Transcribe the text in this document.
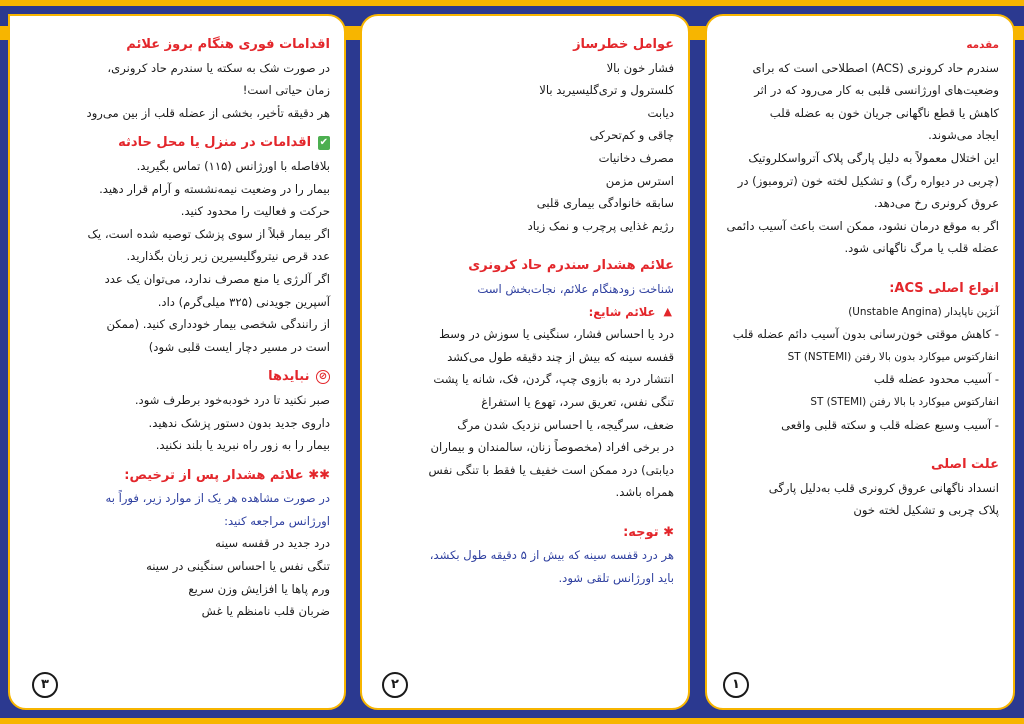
مقدمه
سندرم حاد کرونری (ACS) اصطلاحی است که برای
وضعیت‌های اورژانسی قلبی به کار می‌رود که در اثر
کاهش یا قطع ناگهانی جریان خون به عضله قلب
ایجاد می‌شوند.
این اختلال معمولاً به دلیل پارگی پلاک آترواسکلروتیک
(چربی در دیواره رگ) و تشکیل لخته خون (ترومبوز) در
عروق کرونری رخ می‌دهد.
اگر به موقع درمان نشود، ممکن است باعث آسیب دائمی
عضله قلب یا مرگ ناگهانی شود.
انواع اصلی ACS:
آنژین ناپایدار (Unstable Angina)
- کاهش موقتی خون‌رسانی بدون آسیب دائم عضله قلب
انفارکتوس میوکارد بدون بالا رفتن ST (NSTEMI)
- آسیب محدود عضله قلب
انفارکتوس میوکارد با بالا رفتن ST (STEMI)
- آسیب وسیع عضله قلب و سکته قلبی واقعی
علت اصلی
انسداد ناگهانی عروق کرونری قلب به‌دلیل پارگی
پلاک چربی و تشکیل لخته خون
۱
عوامل خطرساز
فشار خون بالا
کلسترول و تری‌گلیسیرید بالا
دیابت
چاقی و کم‌تحرکی
مصرف دخانیات
استرس مزمن
سابقه خانوادگی بیماری قلبی
رژیم غذایی پرچرب و نمک زیاد
علائم هشدار سندرم حاد کرونری
شناخت زودهنگام علائم، نجات‌بخش است
▲ علائم شایع:
درد یا احساس فشار، سنگینی یا سوزش در وسط
قفسه سینه که بیش از چند دقیقه طول می‌کشد
انتشار درد به بازوی چپ، گردن، فک، شانه یا پشت
تنگی نفس، تعریق سرد، تهوع یا استفراغ
ضعف، سرگیجه، یا احساس نزدیک شدن مرگ
در برخی افراد (مخصوصاً زنان، سالمندان و بیماران
دیابتی) درد ممکن است خفیف یا فقط با تنگی نفس
همراه باشد.
✱ توجه:
هر درد قفسه سینه که بیش از ۵ دقیقه طول بکشد،
باید اورژانس تلقی شود.
۲
اقدامات فوری هنگام بروز علائم
در صورت شک به سکته یا سندرم حاد کرونری،
زمان حیاتی است!
هر دقیقه تأخیر، بخشی از عضله قلب از بین می‌رود
✔ اقدامات در منزل یا محل حادثه
بلافاصله با اورژانس (۱۱۵) تماس بگیرید.
بیمار را در وضعیت نیمه‌نشسته و آرام قرار دهید.
حرکت و فعالیت را محدود کنید.
اگر بیمار قبلاً از سوی پزشک توصیه شده است، یک
عدد قرص نیتروگلیسیرین زیر زبان بگذارید.
اگر آلرژی یا منع مصرف ندارد، می‌توان یک عدد
آسپرین جویدنی (۳۲۵ میلی‌گرم) داد.
از رانندگی شخصی بیمار خودداری کنید. (ممکن
است در مسیر دچار ایست قلبی شود)
⊘ نبایدها
صبر نکنید تا درد خودبه‌خود برطرف شود.
داروی جدید بدون دستور پزشک ندهید.
بیمار را به زور راه نبرید یا بلند نکنید.
✱✱ علائم هشدار پس از ترخیص:
در صورت مشاهده هر یک از موارد زیر، فوراً به
اورژانس مراجعه کنید:
درد جدید در قفسه سینه
تنگی نفس یا احساس سنگینی در سینه
ورم پاها یا افزایش وزن سریع
ضربان قلب نامنظم یا غش
۳
